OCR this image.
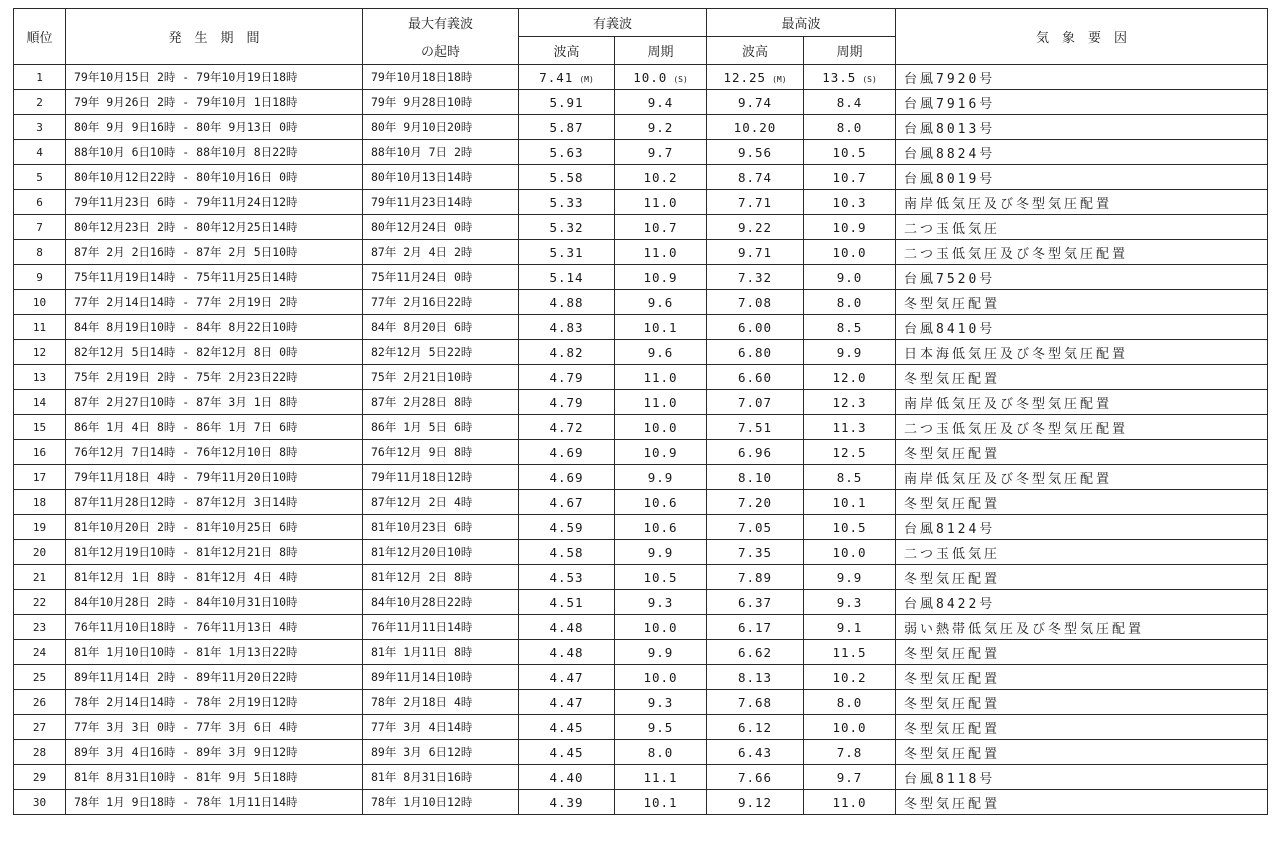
順位	発　生　期　間	最大有義波	有義波		最高波		気　象　要　因
		の起時	波高	周期	波高	周期	
1	79年10月15日 2時 - 79年10月19日18時	79年10月18日18時	7.41 (M)	10.0 (S)	12.25 (M)	13.5 (S)	台風7920号
2	79年 9月26日 2時 - 79年10月 1日18時	79年 9月28日10時	5.91	9.4	9.74	8.4	台風7916号
3	80年 9月 9日16時 - 80年 9月13日 0時	80年 9月10日20時	5.87	9.2	10.20	8.0	台風8013号
4	88年10月 6日10時 - 88年10月 8日22時	88年10月 7日 2時	5.63	9.7	9.56	10.5	台風8824号
5	80年10月12日22時 - 80年10月16日 0時	80年10月13日14時	5.58	10.2	8.74	10.7	台風8019号
6	79年11月23日 6時 - 79年11月24日12時	79年11月23日14時	5.33	11.0	7.71	10.3	南岸低気圧及び冬型気圧配置
7	80年12月23日 2時 - 80年12月25日14時	80年12月24日 0時	5.32	10.7	9.22	10.9	二つ玉低気圧
8	87年 2月 2日16時 - 87年 2月 5日10時	87年 2月 4日 2時	5.31	11.0	9.71	10.0	二つ玉低気圧及び冬型気圧配置
9	75年11月19日14時 - 75年11月25日14時	75年11月24日 0時	5.14	10.9	7.32	9.0	台風7520号
10	77年 2月14日14時 - 77年 2月19日 2時	77年 2月16日22時	4.88	9.6	7.08	8.0	冬型気圧配置
11	84年 8月19日10時 - 84年 8月22日10時	84年 8月20日 6時	4.83	10.1	6.00	8.5	台風8410号
12	82年12月 5日14時 - 82年12月 8日 0時	82年12月 5日22時	4.82	9.6	6.80	9.9	日本海低気圧及び冬型気圧配置
13	75年 2月19日 2時 - 75年 2月23日22時	75年 2月21日10時	4.79	11.0	6.60	12.0	冬型気圧配置
14	87年 2月27日10時 - 87年 3月 1日 8時	87年 2月28日 8時	4.79	11.0	7.07	12.3	南岸低気圧及び冬型気圧配置
15	86年 1月 4日 8時 - 86年 1月 7日 6時	86年 1月 5日 6時	4.72	10.0	7.51	11.3	二つ玉低気圧及び冬型気圧配置
16	76年12月 7日14時 - 76年12月10日 8時	76年12月 9日 8時	4.69	10.9	6.96	12.5	冬型気圧配置
17	79年11月18日 4時 - 79年11月20日10時	79年11月18日12時	4.69	9.9	8.10	8.5	南岸低気圧及び冬型気圧配置
18	87年11月28日12時 - 87年12月 3日14時	87年12月 2日 4時	4.67	10.6	7.20	10.1	冬型気圧配置
19	81年10月20日 2時 - 81年10月25日 6時	81年10月23日 6時	4.59	10.6	7.05	10.5	台風8124号
20	81年12月19日10時 - 81年12月21日 8時	81年12月20日10時	4.58	9.9	7.35	10.0	二つ玉低気圧
21	81年12月 1日 8時 - 81年12月 4日 4時	81年12月 2日 8時	4.53	10.5	7.89	9.9	冬型気圧配置
22	84年10月28日 2時 - 84年10月31日10時	84年10月28日22時	4.51	9.3	6.37	9.3	台風8422号
23	76年11月10日18時 - 76年11月13日 4時	76年11月11日14時	4.48	10.0	6.17	9.1	弱い熱帯低気圧及び冬型気圧配置
24	81年 1月10日10時 - 81年 1月13日22時	81年 1月11日 8時	4.48	9.9	6.62	11.5	冬型気圧配置
25	89年11月14日 2時 - 89年11月20日22時	89年11月14日10時	4.47	10.0	8.13	10.2	冬型気圧配置
26	78年 2月14日14時 - 78年 2月19日12時	78年 2月18日 4時	4.47	9.3	7.68	8.0	冬型気圧配置
27	77年 3月 3日 0時 - 77年 3月 6日 4時	77年 3月 4日14時	4.45	9.5	6.12	10.0	冬型気圧配置
28	89年 3月 4日16時 - 89年 3月 9日12時	89年 3月 6日12時	4.45	8.0	6.43	7.8	冬型気圧配置
29	81年 8月31日10時 - 81年 9月 5日18時	81年 8月31日16時	4.40	11.1	7.66	9.7	台風8118号
30	78年 1月 9日18時 - 78年 1月11日14時	78年 1月10日12時	4.39	10.1	9.12	11.0	冬型気圧配置
